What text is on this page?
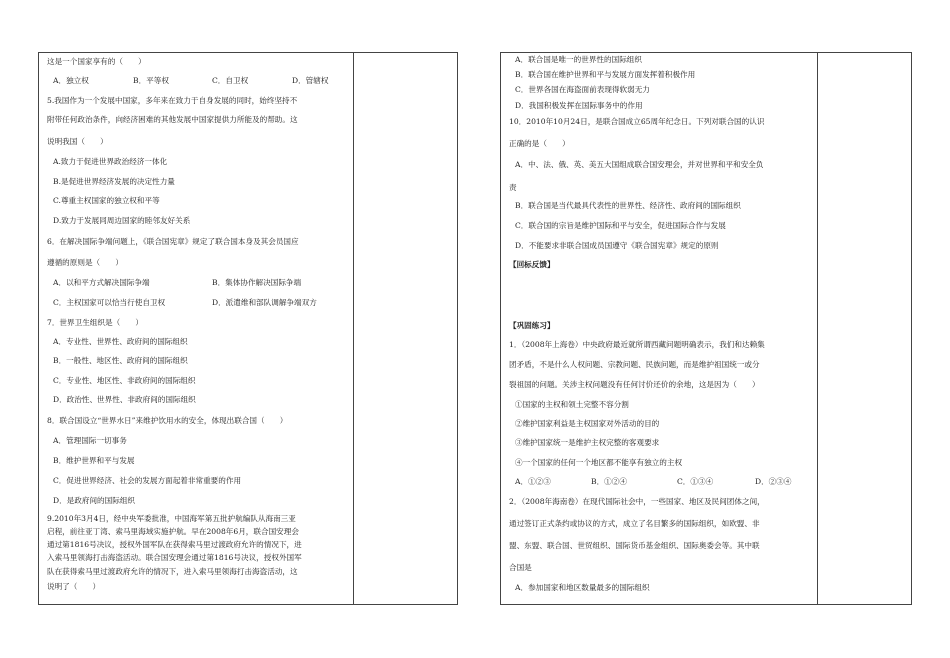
这是一个国家享有的（　　）
A．独立权	B．平等权	C．自卫权	D．管辖权
5.我国作为一个发展中国家，多年来在致力于自身发展的同时，始终坚持不
附带任何政治条件，向经济困难的其他发展中国家提供力所能及的帮助。这
说明我国（　　）
A.致力于促进世界政治经济一体化
B.是促进世界经济发展的决定性力量
C.尊重主权国家的独立权和平等
D.致力于发展同周边国家的睦邻友好关系
6．在解决国际争端问题上，《联合国宪章》规定了联合国本身及其会员国应
遵循的原则是（　　）
A．以和平方式解决国际争端	B．集体协作解决国际争端
C．主权国家可以恰当行使自卫权	D．派遣维和部队调解争端双方
7．世界卫生组织是（　　）
A．专业性、世界性、政府间的国际组织
B．一般性、地区性、政府间的国际组织
C．专业性、地区性、非政府间的国际组织
D．政治性、世界性、非政府间的国际组织
8．联合国设立“世界水日”来维护饮用水的安全，体现出联合国（　　）
A．管理国际一切事务
B．维护世界和平与发展
C．促进世界经济、社会的发展方面起着非常重要的作用
D．是政府间的国际组织
9.2010年3月4日，经中央军委批准，中国海军第五批护航编队从海南三亚
启程，前往亚丁湾、索马里海域实施护航。早在2008年6月，联合国安理会
通过第1816号决议，授权外国军队在获得索马里过渡政府允许的情况下，进
入索马里领海打击海盗活动。联合国安理会通过第1816号决议，授权外国军
队在获得索马里过渡政府允许的情况下，进入索马里领海打击海盗活动，这
说明了（　　）
A．联合国是唯一的世界性的国际组织
B．联合国在维护世界和平与发展方面发挥着积极作用
C．世界各国在海盗面前表现得软弱无力
D．我国积极发挥在国际事务中的作用
10．2010年10月24日，是联合国成立65周年纪念日。下列对联合国的认识
正确的是（　　）
A．中、法、俄、英、美五大国组成联合国安理会，并对世界和平和安全负
责
B．联合国是当代最具代表性的世界性、经济性、政府间的国际组织
C．联合国的宗旨是维护国际和平与安全，促进国际合作与发展
D．不能要求非联合国成员国遵守《联合国宪章》规定的原则
【回标反馈】
【巩固练习】
1．（2008年上海卷）中央政府最近就所谓西藏问题明确表示，我们和达赖集
团矛盾，不是什么人权问题、宗教问题、民族问题，而是维护祖国统一或分
裂祖国的问题。关涉主权问题没有任何讨价还价的余地，这是因为（　　）
①国家的主权和领土完整不容分割
②维护国家利益是主权国家对外活动的目的
③维护国家统一是维护主权完整的客观要求
④一个国家的任何一个地区都不能享有独立的主权
A．①②③	B．①②④	C．①③④	D．②③④
2．（2008年海南卷）在现代国际社会中，一些国家、地区及民间团体之间，
通过签订正式条约或协议的方式，成立了名目繁多的国际组织，如欧盟、非
盟、东盟、联合国、世贸组织、国际货币基金组织、国际奥委会等。其中联
合国是
A．参加国家和地区数量最多的国际组织
